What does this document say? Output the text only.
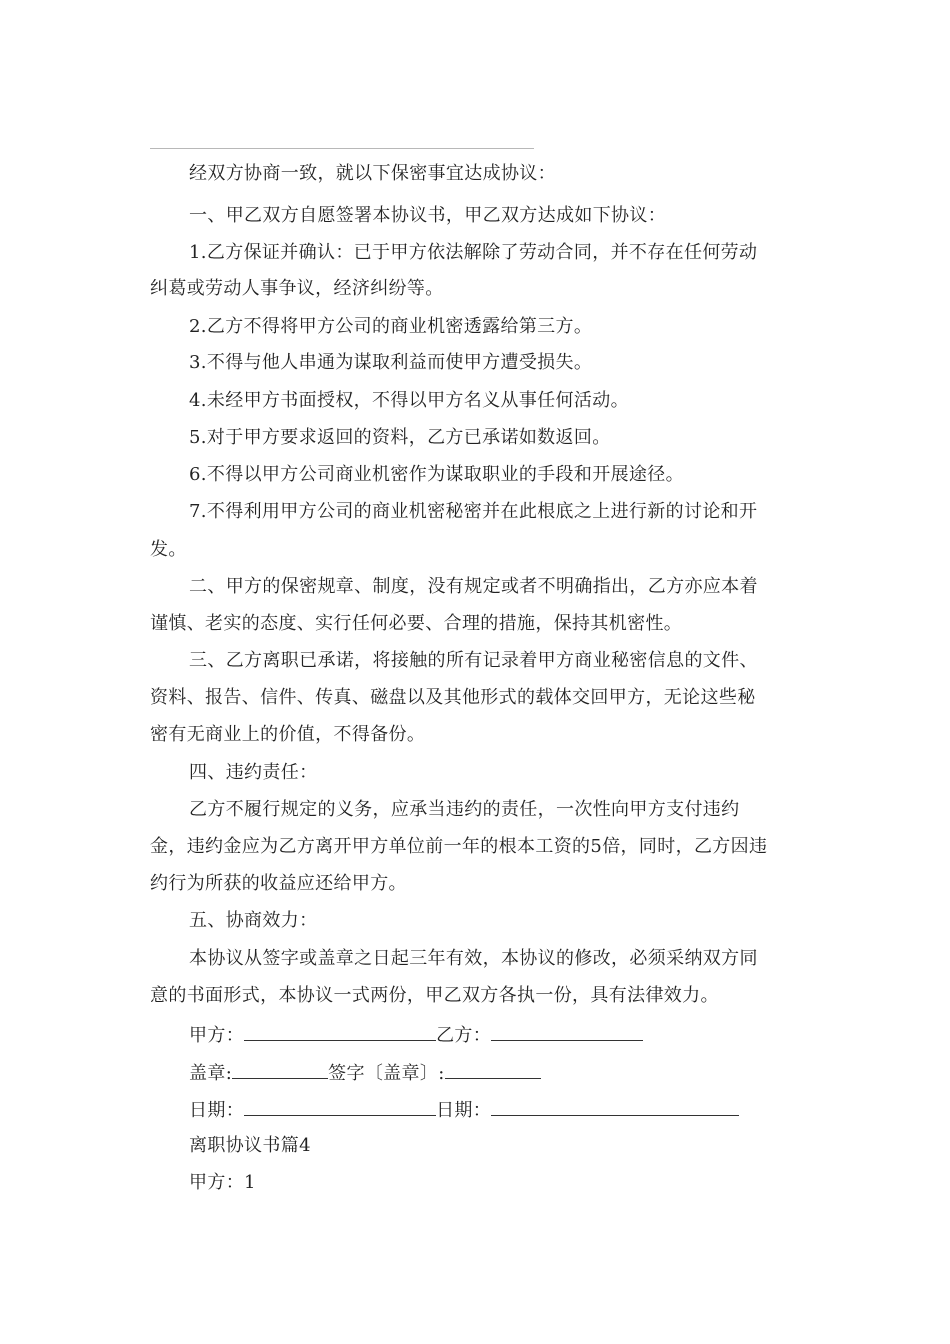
经双方协商一致，就以下保密事宜达成协议：
一、甲乙双方自愿签署本协议书，甲乙双方达成如下协议：
1.乙方保证并确认：已于甲方依法解除了劳动合同，并不存在任何劳动
纠葛或劳动人事争议，经济纠纷等。
2.乙方不得将甲方公司的商业机密透露给第三方。
3.不得与他人串通为谋取利益而使甲方遭受损失。
4.未经甲方书面授权，不得以甲方名义从事任何活动。
5.对于甲方要求返回的资料，乙方已承诺如数返回。
6.不得以甲方公司商业机密作为谋取职业的手段和开展途径。
7.不得利用甲方公司的商业机密秘密并在此根底之上进行新的讨论和开
发。
二、甲方的保密规章、制度，没有规定或者不明确指出，乙方亦应本着
谨慎、老实的态度、实行任何必要、合理的措施，保持其机密性。
三、乙方离职已承诺，将接触的所有记录着甲方商业秘密信息的文件、
资料、报告、信件、传真、磁盘以及其他形式的载体交回甲方，无论这些秘
密有无商业上的价值，不得备份。
四、违约责任：
乙方不履行规定的义务，应承当违约的责任，一次性向甲方支付违约
金，违约金应为乙方离开甲方单位前一年的根本工资的5倍，同时，乙方因违
约行为所获的收益应还给甲方。
五、协商效力：
本协议从签字或盖章之日起三年有效，本协议的修改，必须采纳双方同
意的书面形式，本协议一式两份，甲乙双方各执一份，具有法律效力。
甲方：	乙方：
盖章:	签字〔盖章〕:
日期：	日期：
离职协议书篇4
甲方：1
